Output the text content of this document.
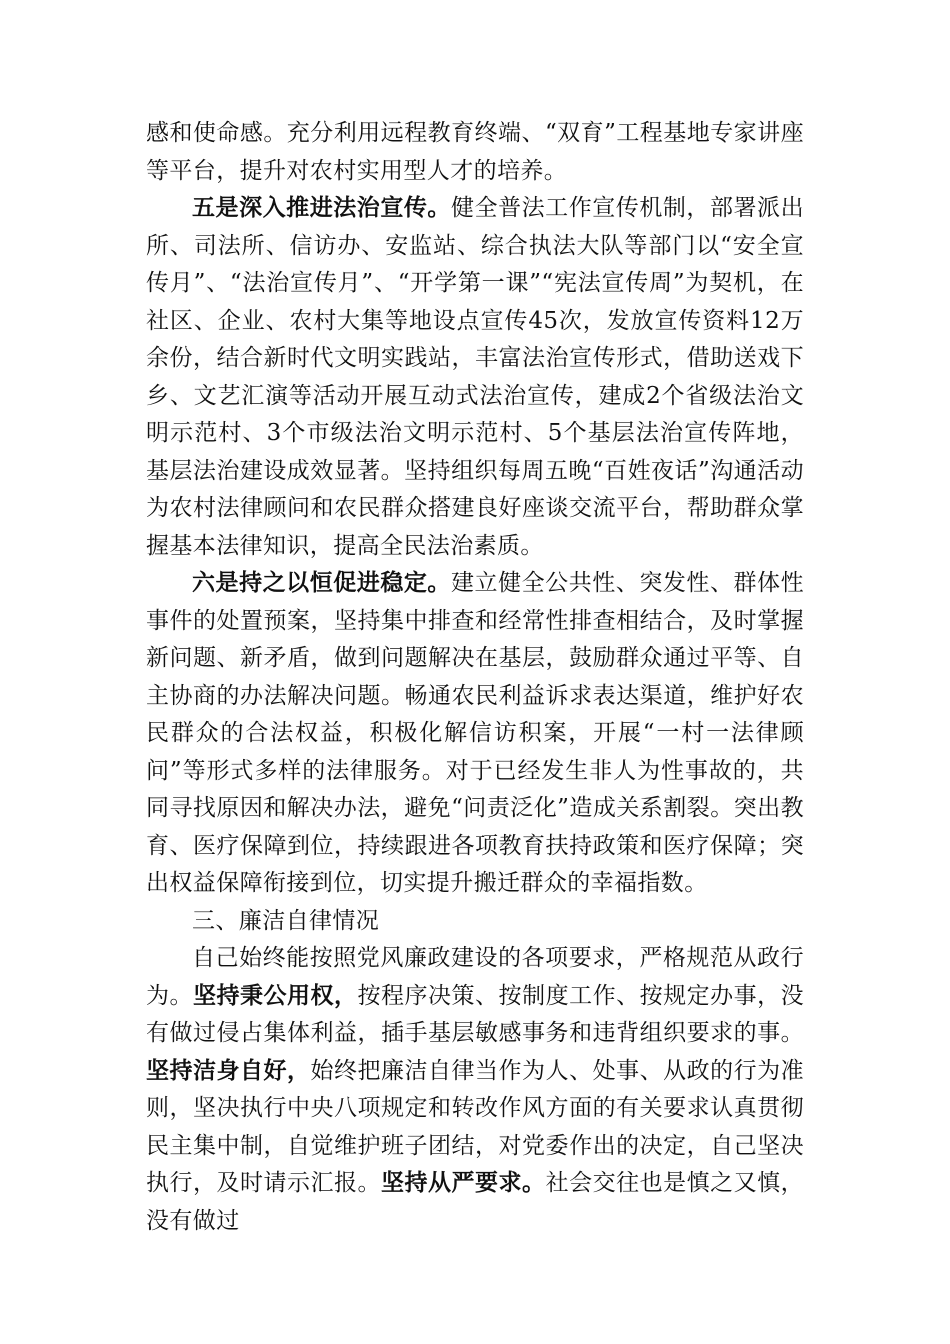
感和使命感。充分利用远程教育终端、“双育”工程基地专家讲座等平台，提升对农村实用型人才的培养。

五是深入推进法治宣传。健全普法工作宣传机制，部署派出所、司法所、信访办、安监站、综合执法大队等部门以“安全宣传月”、“法治宣传月”、“开学第一课”“宪法宣传周”为契机，在社区、企业、农村大集等地设点宣传45次，发放宣传资料12万余份，结合新时代文明实践站，丰富法治宣传形式，借助送戏下乡、文艺汇演等活动开展互动式法治宣传，建成2个省级法治文明示范村、3个市级法治文明示范村、5个基层法治宣传阵地，基层法治建设成效显著。坚持组织每周五晚“百姓夜话”沟通活动为农村法律顾问和农民群众搭建良好座谈交流平台，帮助群众掌握基本法律知识，提高全民法治素质。

六是持之以恒促进稳定。建立健全公共性、突发性、群体性事件的处置预案，坚持集中排查和经常性排查相结合，及时掌握新问题、新矛盾，做到问题解决在基层，鼓励群众通过平等、自主协商的办法解决问题。畅通农民利益诉求表达渠道，维护好农民群众的合法权益，积极化解信访积案，开展“一村一法律顾问”等形式多样的法律服务。对于已经发生非人为性事故的，共同寻找原因和解决办法，避免“问责泛化”造成关系割裂。突出教育、医疗保障到位，持续跟进各项教育扶持政策和医疗保障；突出权益保障衔接到位，切实提升搬迁群众的幸福指数。

三、廉洁自律情况

自己始终能按照党风廉政建设的各项要求，严格规范从政行为。坚持秉公用权，按程序决策、按制度工作、按规定办事，没有做过侵占集体利益，插手基层敏感事务和违背组织要求的事。坚持洁身自好，始终把廉洁自律当作为人、处事、从政的行为准则，坚决执行中央八项规定和转改作风方面的有关要求认真贯彻民主集中制，自觉维护班子团结，对党委作出的决定，自己坚决执行，及时请示汇报。坚持从严要求。社会交往也是慎之又慎，没有做过
